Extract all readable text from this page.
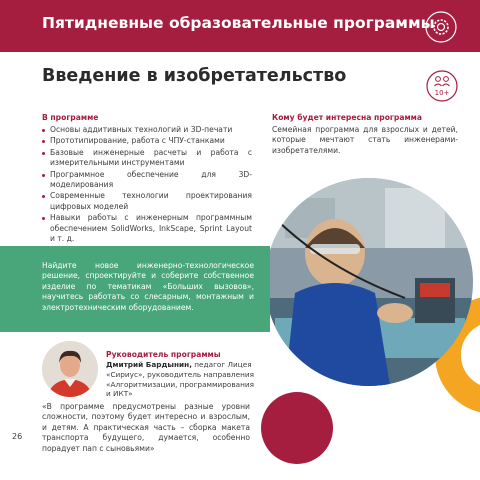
Пятидневные образовательные программы
Введение в изобретательство
10+
В программе
Основы аддитивных технологий и 3D-печати
Прототипирование, работа с ЧПУ-станками
Базовые инженерные расчеты и работа с измерительными инструментами
Программное обеспечение для 3D-моделирования
Современные технологии проектирования цифровых моделей
Навыки работы с инженерным программным обеспечением SolidWorks, InkScape, Sprint Layout и т. д.
Кому будет интересна программа
Семейная программа для взрослых и детей, которые мечтают стать инженерами-изобретателями.
Найдите новое инженерно-технологическое решение, спроектируйте и соберите собственное изделие по тематикам «Больших вызовов», научитесь работать со слесарным, монтажным и электротехническим оборудованием.
Руководитель программы
Дмитрий Бардынин, педагог Лицея «Сириус», руководитель направления «Алгоритмизации, программирования и ИКТ»
«В программе предусмотрены разные уровни сложности, поэтому будет интересно и взрослым, и детям. А практическая часть – сборка макета транспорта будущего, думается, особенно порадует пап с сыновьями»
26
